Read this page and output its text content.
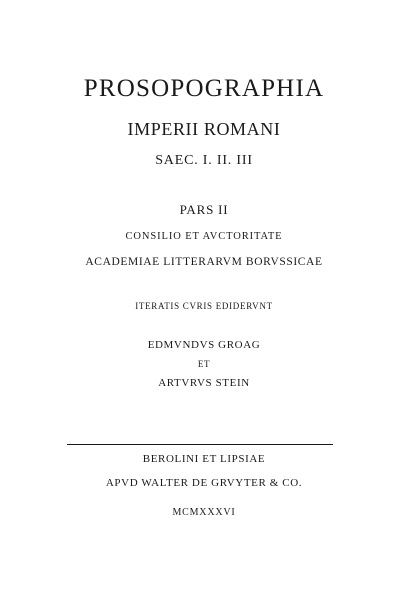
PROSOPOGRAPHIA
IMPERII ROMANI
SAEC. I. II. III
PARS II
CONSILIO ET AVCTORITATE
ACADEMIAE LITTERARVM BORVSSICAE
ITERATIS CVRIS EDIDERVNT
EDMVNDVS GROAG
ET
ARTVRVS STEIN
BEROLINI ET LIPSIAE
APVD WALTER DE GRVYTER & CO.
MCMXXXVI
